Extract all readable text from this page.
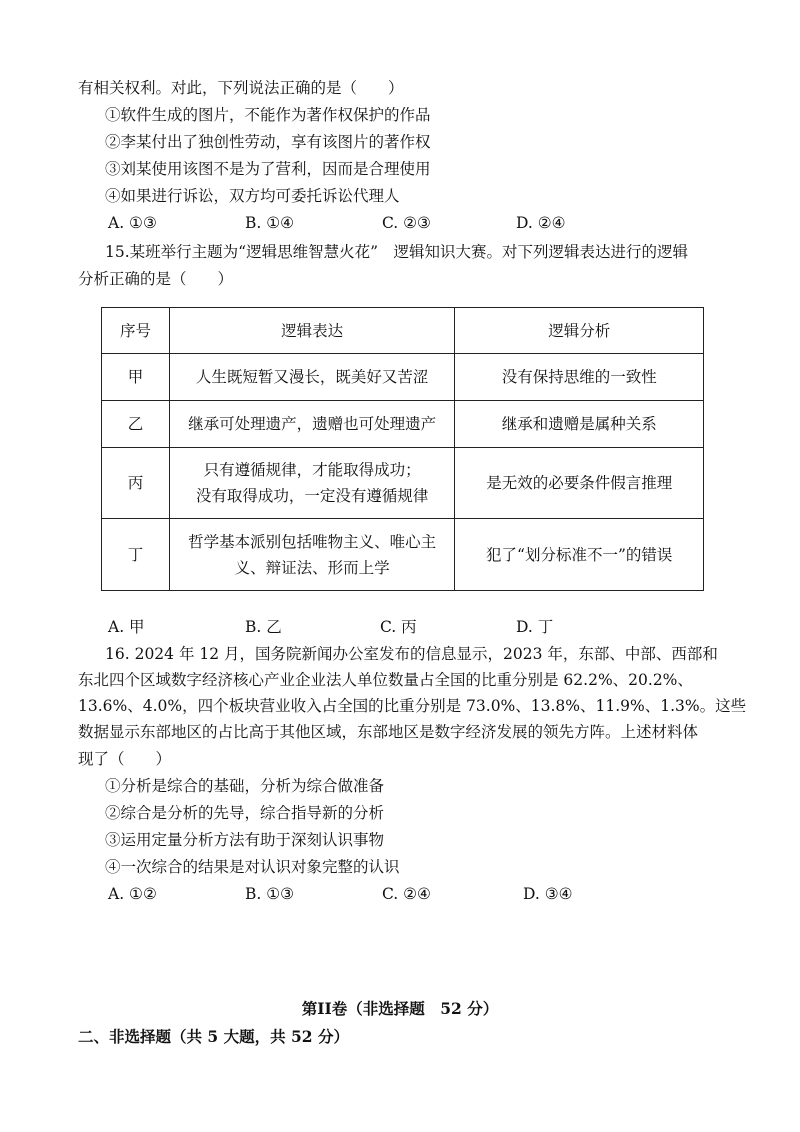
有相关权利。对此，下列说法正确的是（　　）
①软件生成的图片，不能作为著作权保护的作品
②李某付出了独创性劳动，享有该图片的著作权
③刘某使用该图不是为了营利，因而是合理使用
④如果进行诉讼，双方均可委托诉讼代理人
A. ①③	B. ①④	C. ②③	D. ②④
15.某班举行主题为“逻辑思维智慧火花”　逻辑知识大赛。对下列逻辑表达进行的逻辑
分析正确的是（　　）
序号	逻辑表达	逻辑分析
甲	人生既短暂又漫长，既美好又苦涩	没有保持思维的一致性
乙	继承可处理遗产，遗赠也可处理遗产	继承和遗赠是属种关系
丙	只有遵循规律，才能取得成功；
没有取得成功，一定没有遵循规律	是无效的必要条件假言推理
丁	哲学基本派别包括唯物主义、唯心主
义、辩证法、形而上学	犯了“划分标准不一”的错误
A. 甲	B. 乙	C. 丙	D. 丁
16. 2024 年 12 月，国务院新闻办公室发布的信息显示，2023 年，东部、中部、西部和
东北四个区域数字经济核心产业企业法人单位数量占全国的比重分别是 62.2%、20.2%、
13.6%、4.0%，四个板块营业收入占全国的比重分别是 73.0%、13.8%、11.9%、1.3%。这些
数据显示东部地区的占比高于其他区域，东部地区是数字经济发展的领先方阵。上述材料体
现了（　　）
①分析是综合的基础，分析为综合做准备
②综合是分析的先导，综合指导新的分析
③运用定量分析方法有助于深刻认识事物
④一次综合的结果是对认识对象完整的认识
A. ①②	B. ①③	C. ②④	D. ③④
第II卷（非选择题　52 分）
二、非选择题（共 5 大题，共 52 分）
